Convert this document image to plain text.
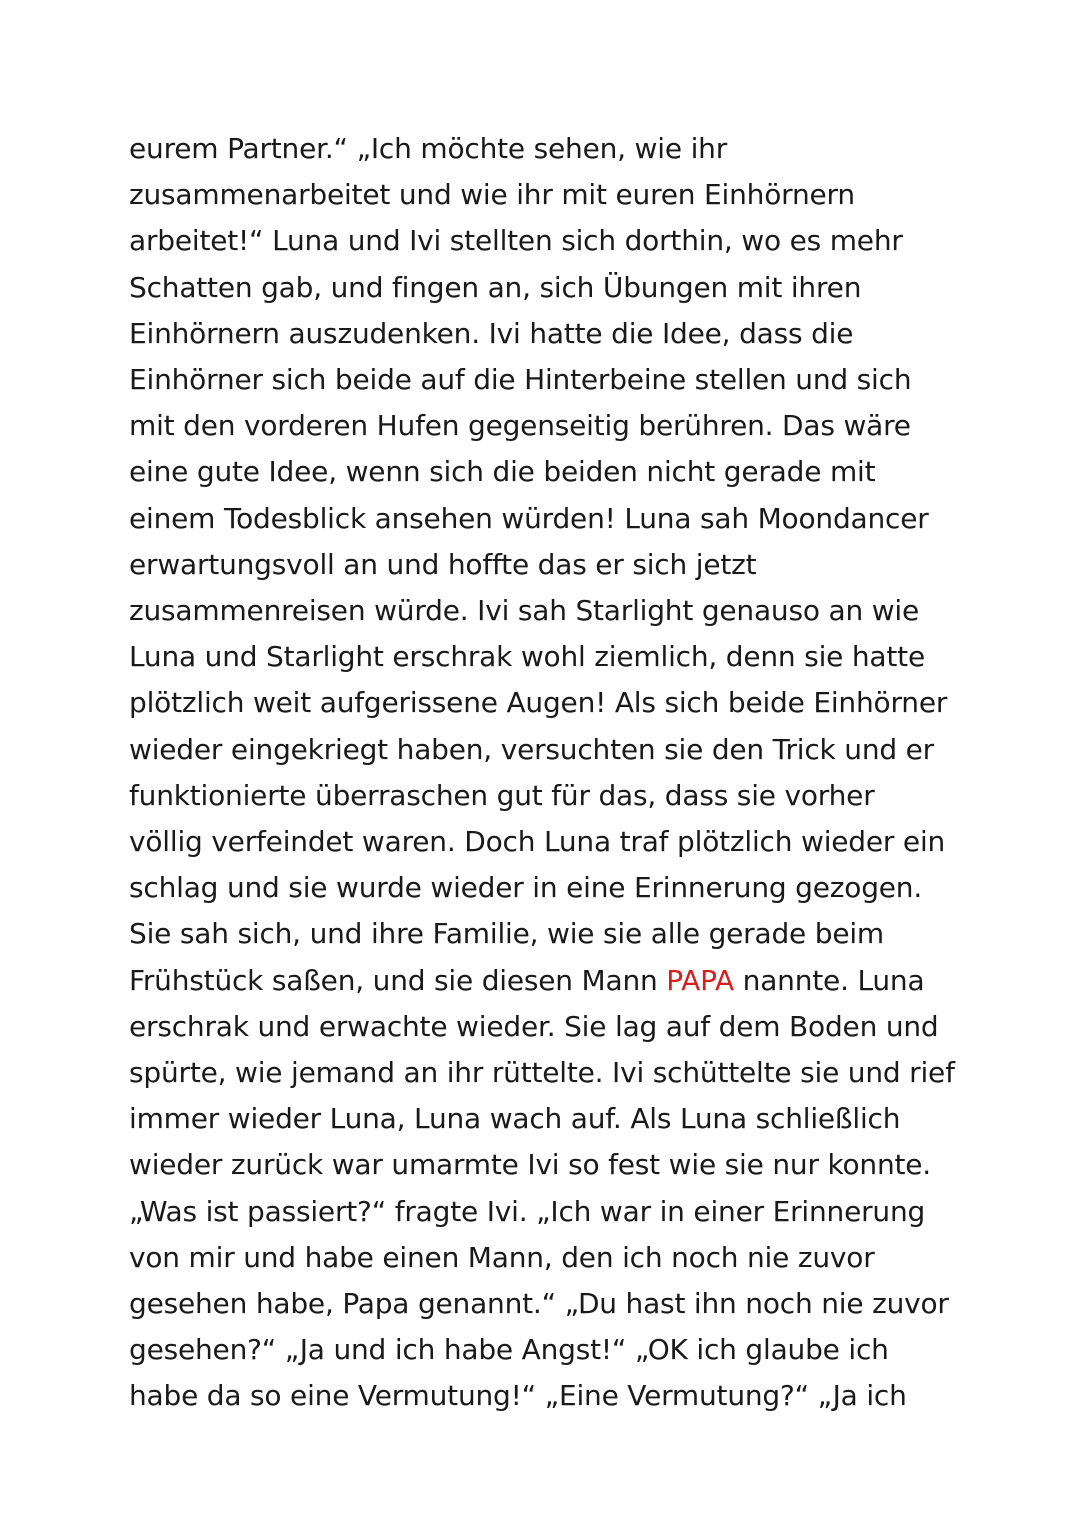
eurem Partner.“ „Ich möchte sehen, wie ihr
zusammenarbeitet und wie ihr mit euren Einhörnern
arbeitet!“ Luna und Ivi stellten sich dorthin, wo es mehr
Schatten gab, und fingen an, sich Übungen mit ihren
Einhörnern auszudenken. Ivi hatte die Idee, dass die
Einhörner sich beide auf die Hinterbeine stellen und sich
mit den vorderen Hufen gegenseitig berühren. Das wäre
eine gute Idee, wenn sich die beiden nicht gerade mit
einem Todesblick ansehen würden! Luna sah Moondancer
erwartungsvoll an und hoffte das er sich jetzt
zusammenreisen würde. Ivi sah Starlight genauso an wie
Luna und Starlight erschrak wohl ziemlich, denn sie hatte
plötzlich weit aufgerissene Augen! Als sich beide Einhörner
wieder eingekriegt haben, versuchten sie den Trick und er
funktionierte überraschen gut für das, dass sie vorher
völlig verfeindet waren. Doch Luna traf plötzlich wieder ein
schlag und sie wurde wieder in eine Erinnerung gezogen.
Sie sah sich, und ihre Familie, wie sie alle gerade beim
Frühstück saßen, und sie diesen Mann PAPA nannte. Luna
erschrak und erwachte wieder. Sie lag auf dem Boden und
spürte, wie jemand an ihr rüttelte. Ivi schüttelte sie und rief
immer wieder Luna, Luna wach auf. Als Luna schließlich
wieder zurück war umarmte Ivi so fest wie sie nur konnte.
„Was ist passiert?“ fragte Ivi. „Ich war in einer Erinnerung
von mir und habe einen Mann, den ich noch nie zuvor
gesehen habe, Papa genannt.“ „Du hast ihn noch nie zuvor
gesehen?“ „Ja und ich habe Angst!“ „OK ich glaube ich
habe da so eine Vermutung!“ „Eine Vermutung?“ „Ja ich
